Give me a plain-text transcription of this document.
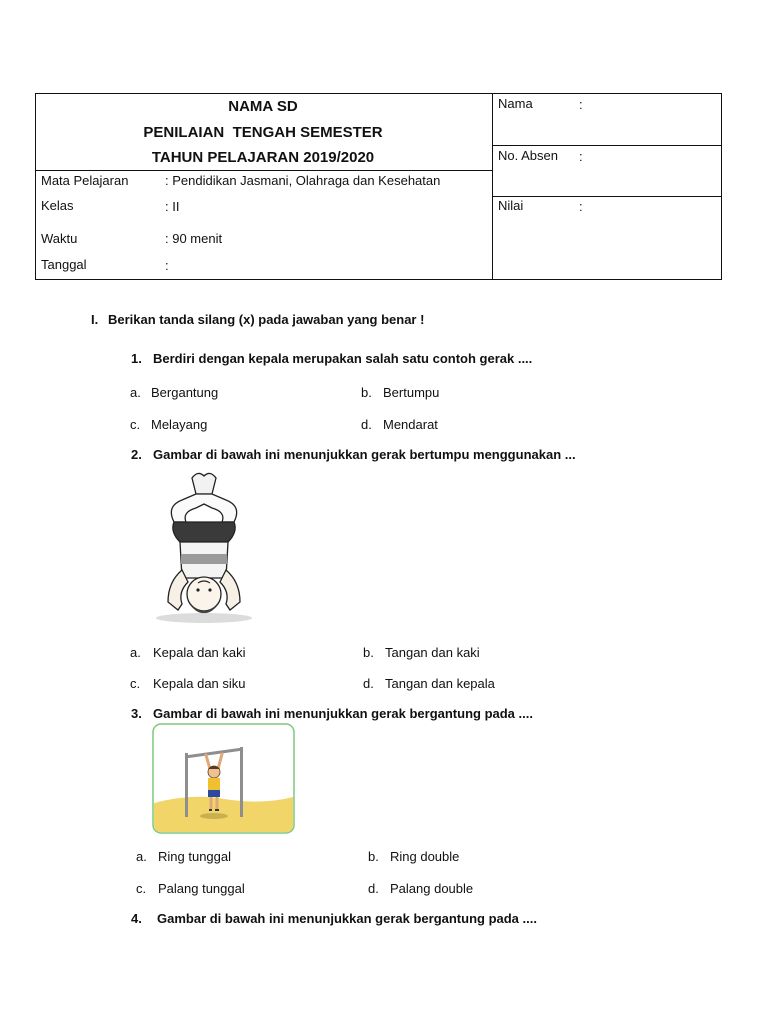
NAMA SD
PENILAIAN  TENGAH SEMESTER
TAHUN PELAJARAN 2019/2020
Mata Pelajaran	: Pendidikan Jasmani, Olahraga dan Kesehatan
Kelas	: II
Waktu	: 90 menit
Tanggal	:
Nama	:
No. Absen :
Nilai	:
I. Berikan tanda silang (x) pada jawaban yang benar !
1. Berdiri dengan kepala merupakan salah satu contoh gerak ....
a. Bergantung	b. Bertumpu
c. Melayang	d. Mendarat
2. Gambar di bawah ini menunjukkan gerak bertumpu menggunakan ...
a. Kepala dan kaki	b. Tangan dan kaki
c. Kepala dan siku	d. Tangan dan kepala
3. Gambar di bawah ini menunjukkan gerak bergantung pada ....
a. Ring tunggal	b. Ring double
c. Palang tunggal	d. Palang double
4. Gambar di bawah ini menunjukkan gerak bergantung pada ....
